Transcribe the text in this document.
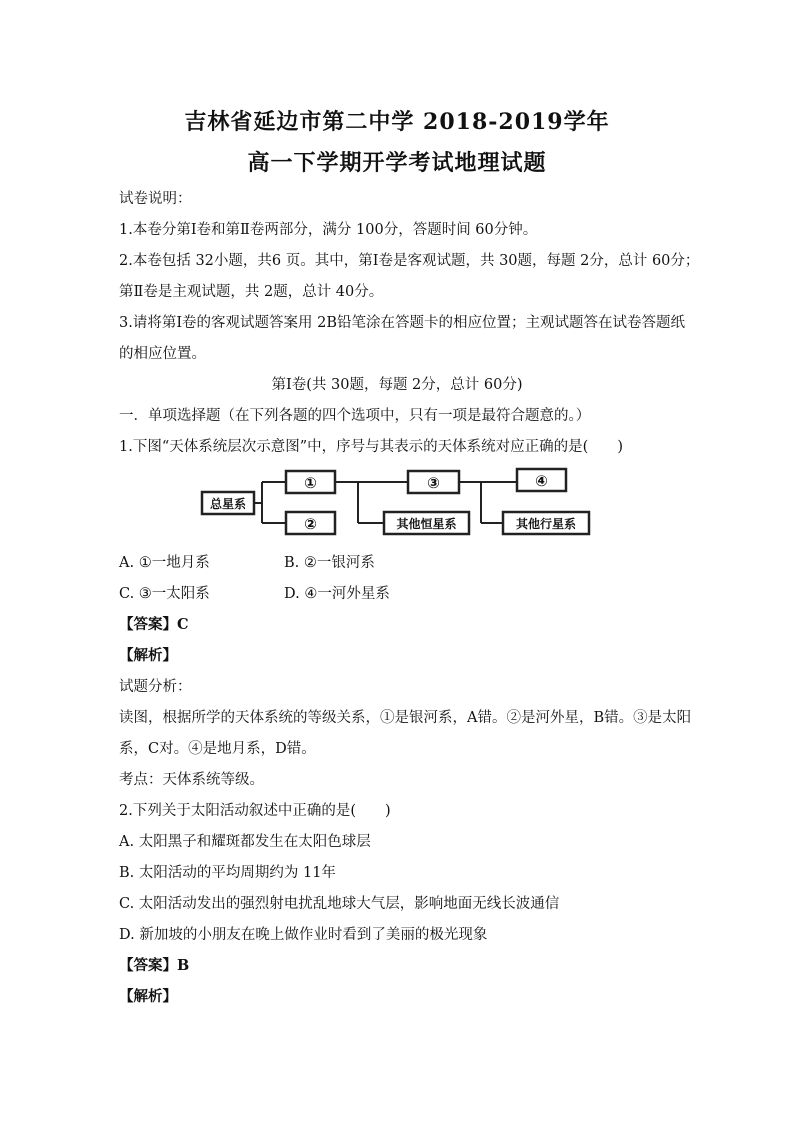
吉林省延边市第二中学 2018-2019学年
高一下学期开学考试地理试题
试卷说明：
1.本卷分第Ⅰ卷和第Ⅱ卷两部分，满分 100分，答题时间 60分钟。
2.本卷包括 32小题，共6 页。其中，第Ⅰ卷是客观试题，共 30题，每题 2分，总计 60分；
第Ⅱ卷是主观试题，共 2题，总计 40分。
3.请将第Ⅰ卷的客观试题答案用 2B铅笔涂在答题卡的相应位置；主观试题答在试卷答题纸
的相应位置。
第Ⅰ卷(共 30题，每题 2分，总计 60分)
一．单项选择题（在下列各题的四个选项中，只有一项是最符合题意的。）
1.下图“天体系统层次示意图”中，序号与其表示的天体系统对应正确的是(　　)
总星系
①
②	其他恒星系
③	④
其他行星系
A. ①一地月系	B. ②一银河系
C. ③一太阳系	D. ④一河外星系
【答案】C
【解析】
试题分析：
读图，根据所学的天体系统的等级关系，①是银河系，A错。②是河外星，B错。③是太阳
系，C对。④是地月系，D错。
考点：天体系统等级。
2.下列关于太阳活动叙述中正确的是(　　)
A. 太阳黑子和耀斑都发生在太阳色球层
B. 太阳活动的平均周期约为 11年
C. 太阳活动发出的强烈射电扰乱地球大气层，影响地面无线长波通信
D. 新加坡的小朋友在晚上做作业时看到了美丽的极光现象
【答案】B
【解析】
